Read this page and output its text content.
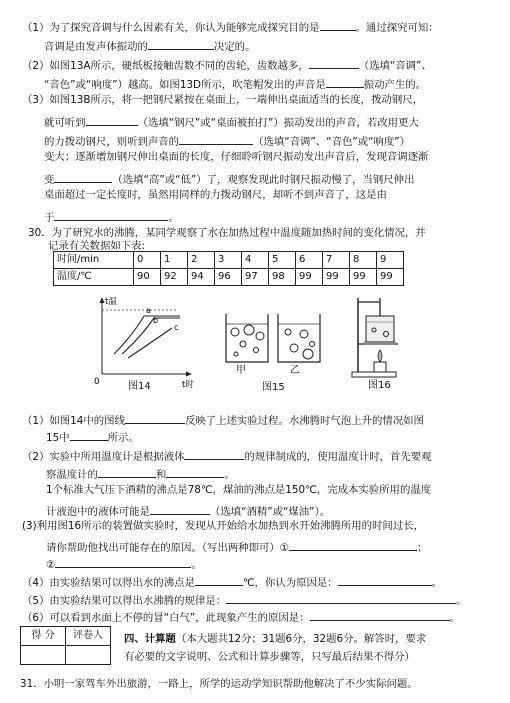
（1）为了探究音调与什么因素有关，你认为能够完成探究目的是	。通过探究可知：
音调是由发声体振动的	决定的。
（2）如图13A所示，硬纸板接触齿数不同的齿轮，齿数越多，	（选填“音调”、
“音色”或“响度”）越高。如图13D所示，吹笔帽发出的声音是	振动产生的。
（3）如图13B所示，将一把钢尺紧按在桌面上，一端伸出桌面适当的长度，拨动钢尺，
就可听到	（选填“钢尺”或“桌面被拍打”）振动发出的声音，若改用更大
的力拨动钢尺，则听到声音的	（选填“音调”、“音色”或“响度”）
变大；逐渐增加钢尺伸出桌面的长度，仔细聆听钢尺振动发出声音后，发现音调逐渐
变	（选填“高”或“低”）了，观察发现此时钢尺振动慢了，当钢尺伸出
桌面超过一定长度时，虽然用同样的力拨动钢尺，却听不到声音了，这是由
于	。
30．为了研究水的沸腾，某同学观察了水在加热过程中温度随加热时间的变化情况，并
记录有关数据如下表:
时间/min	0	1	2	3	4	5	6	7	8	9
温度/℃	90	92	94	96	97	98	99	99	99	99
t温
t时
0
a
b
c
图14
甲	乙
图15	图16
（1）如图14中的图线	反映了上述实验过程。水沸腾时气泡上升的情况如图
15中	所示。
（2）实验中所用温度计是根据液体	的规律制成的，使用温度计时，首先要观
察温度计的	和	。
1个标准大气压下酒精的沸点是78℃，煤油的沸点是150℃，完成本实验所用的温度
计液泡中的液体可能是	（选填“酒精”或“煤油”）。
(3)利用图16所示的装置做实验时，发现从开始给水加热到水开始沸腾所用的时间过长，
请你帮助他找出可能存在的原因。（写出两种即可）①	；
②	。
（4）由实验结果可以得出水的沸点是	℃，你认为原因是：	。
（5）由实验结果可以得出水沸腾的规律是：	。
（6）可以看到水面上不停的冒“白气”，此现象产生的原因是：	。
得 分	评卷人
	四、计算题（本大题共12分；31题6分，32题6分。解答时，要求
有必要的文字说明、公式和计算步骤等，只写最后结果不得分）
31．小明一家驾车外出旅游，一路上，所学的运动学知识帮助他解决了不少实际问题。
